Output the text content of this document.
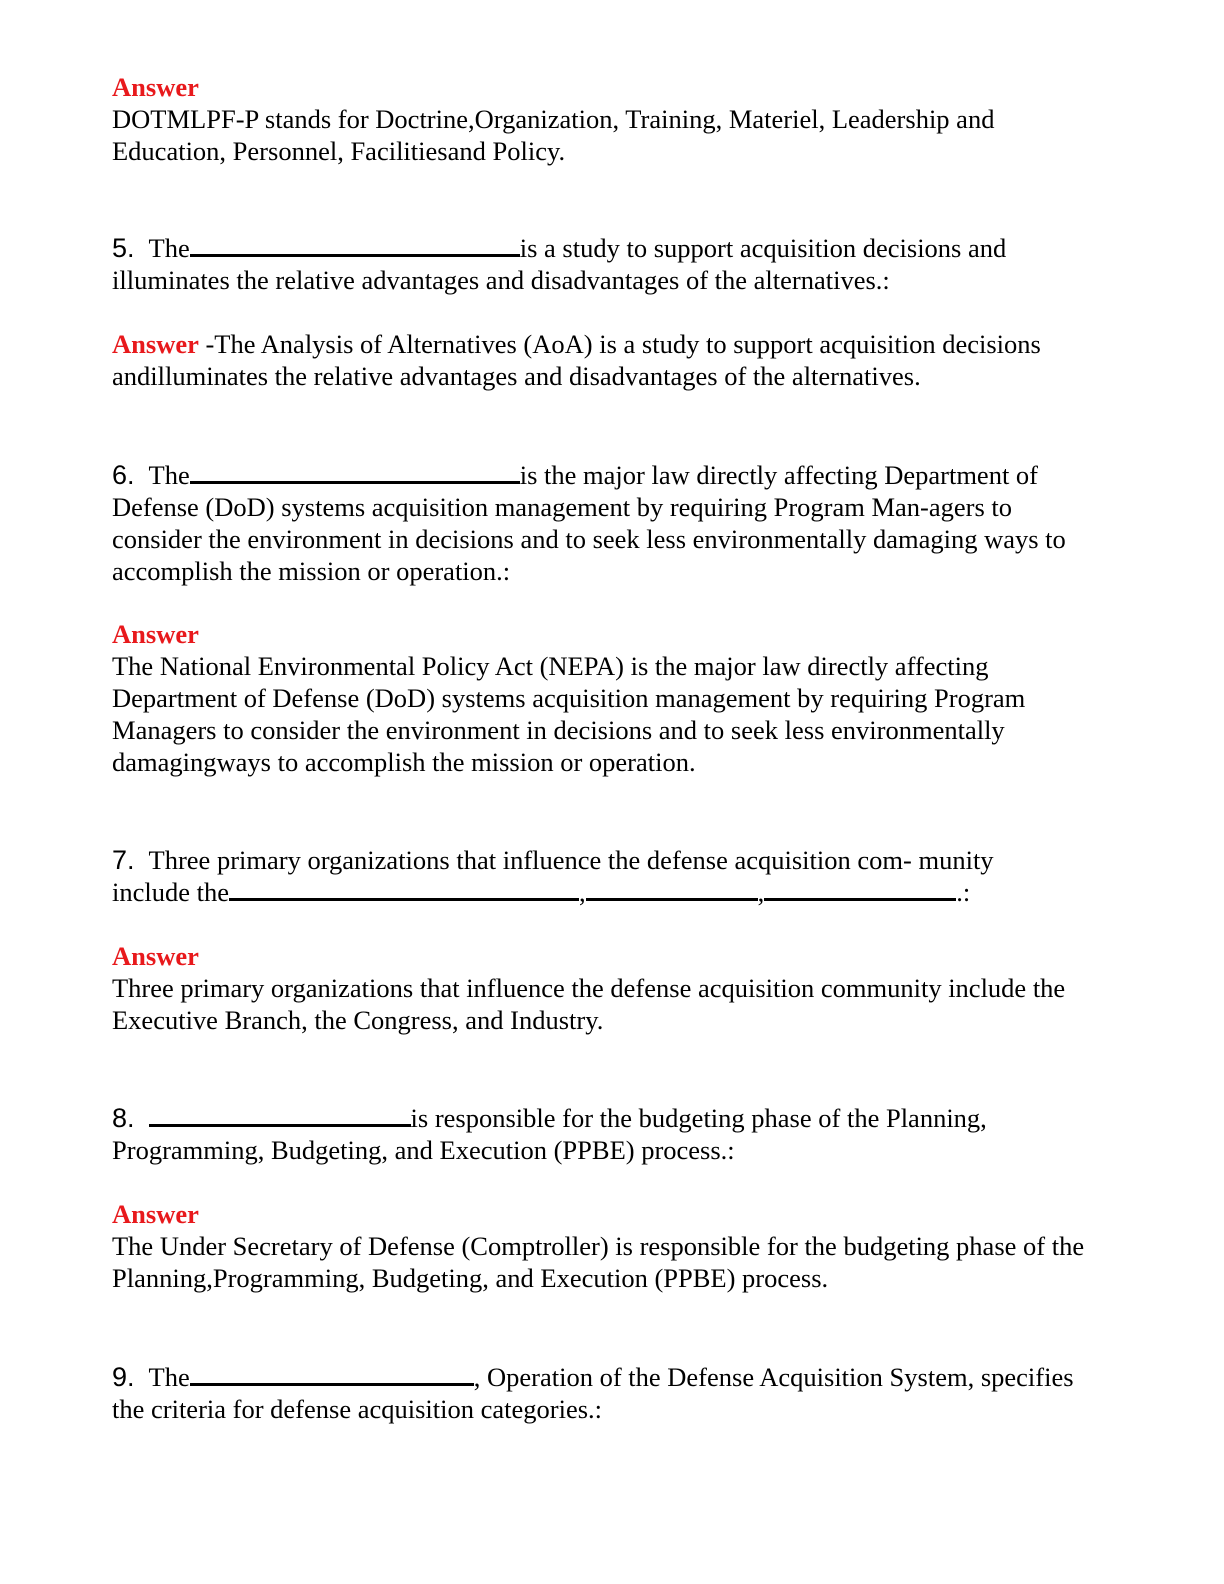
Answer
DOTMLPF-P stands for Doctrine,Organization, Training, Materiel, Leadership and
Education, Personnel, Facilitiesand Policy.
5. The	is a study to support acquisition decisions and
illuminates the relative advantages and disadvantages of the alternatives.:
Answer -The Analysis of Alternatives (AoA) is a study to support acquisition decisions
andilluminates the relative advantages and disadvantages of the alternatives.
6. The	is the major law directly affecting Department of
Defense (DoD) systems acquisition management by requiring Program Man-agers to
consider the environment in decisions and to seek less environmentally damaging ways to
accomplish the mission or operation.:
Answer
The National Environmental Policy Act (NEPA) is the major law directly affecting
Department of Defense (DoD) systems acquisition management by requiring Program
Managers to consider the environment in decisions and to seek less environmentally
damagingways to accomplish the mission or operation.
7. Three primary organizations that influence the defense acquisition com- munity
include the	,	,	.:
Answer
Three primary organizations that influence the defense acquisition community include the
Executive Branch, the Congress, and Industry.
8.	is responsible for the budgeting phase of the Planning,
Programming, Budgeting, and Execution (PPBE) process.:
Answer
The Under Secretary of Defense (Comptroller) is responsible for the budgeting phase of the
Planning,Programming, Budgeting, and Execution (PPBE) process.
9. The	, Operation of the Defense Acquisition System, specifies
the criteria for defense acquisition categories.:
